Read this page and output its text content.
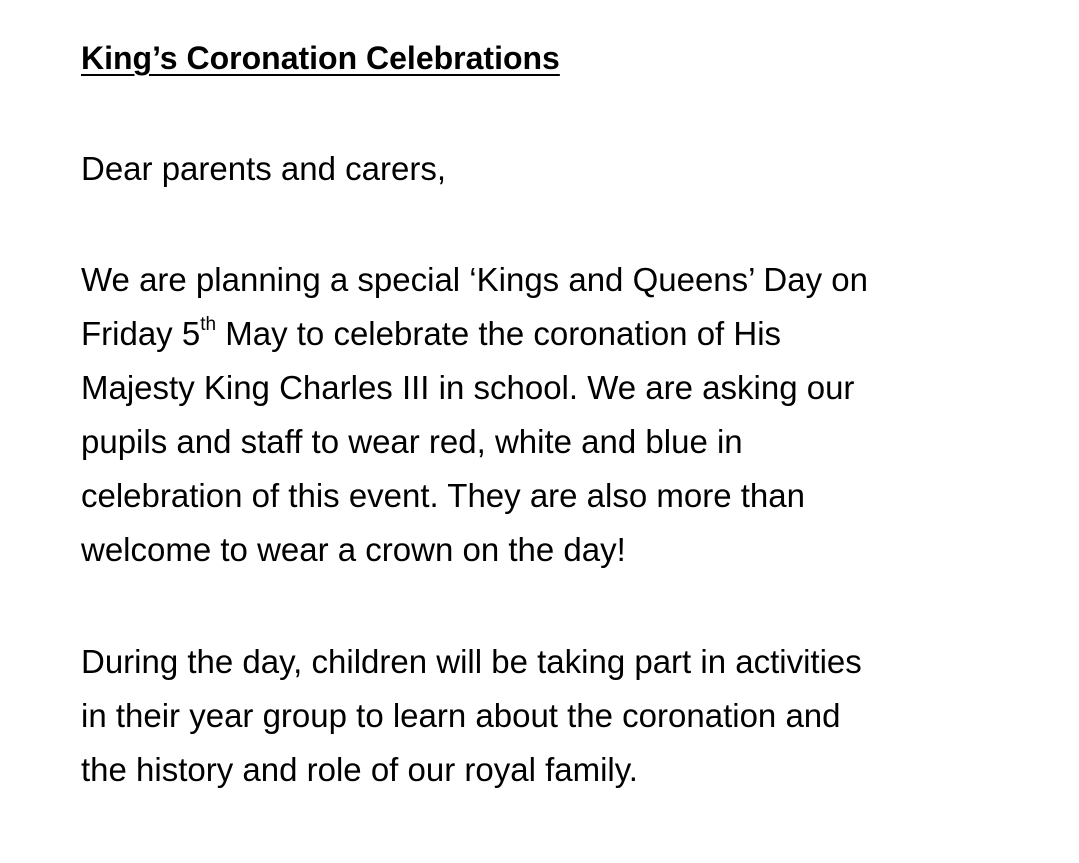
King’s Coronation Celebrations

Dear parents and carers,

We are planning a special ‘Kings and Queens’ Day on
Friday 5th May to celebrate the coronation of His
Majesty King Charles III in school. We are asking our
pupils and staff to wear red, white and blue in
celebration of this event. They are also more than
welcome to wear a crown on the day!

During the day, children will be taking part in activities
in their year group to learn about the coronation and
the history and role of our royal family.
